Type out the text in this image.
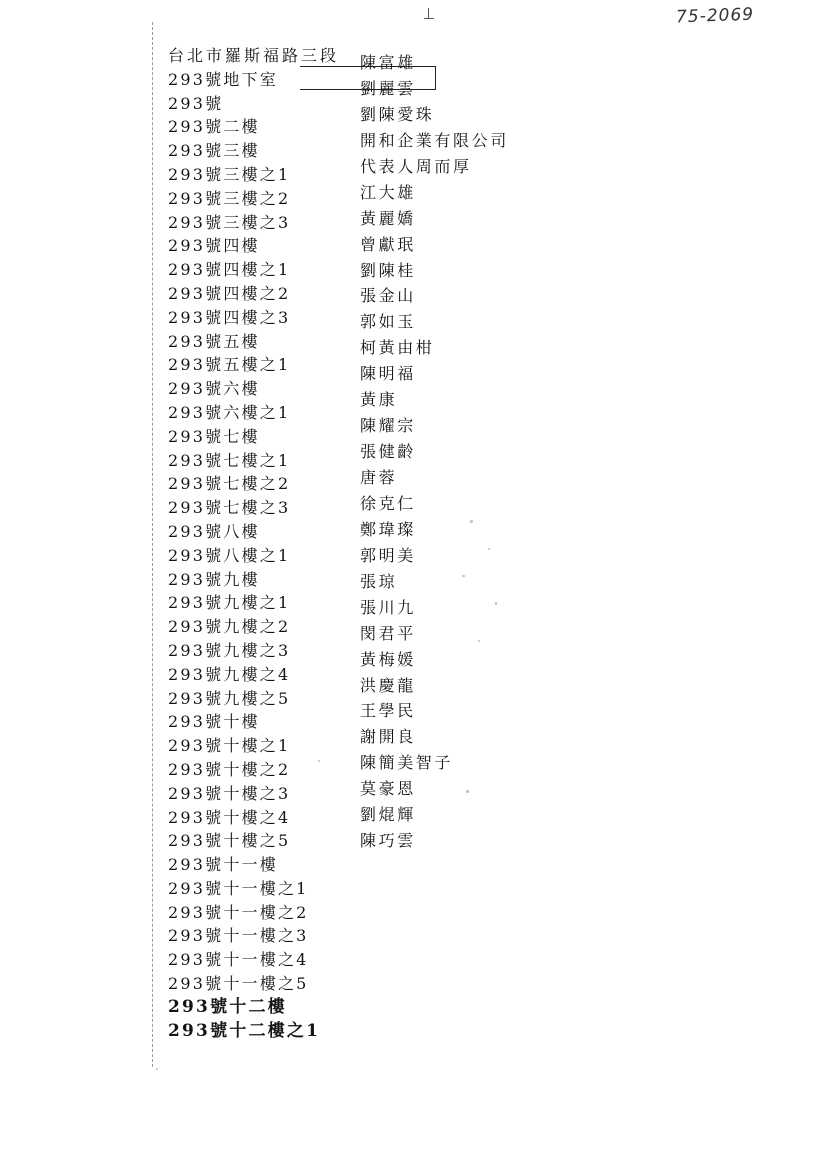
75-2069
台北市羅斯福路三段
293號地下室
293號
293號二樓
293號三樓
293號三樓之1
293號三樓之2
293號三樓之3
293號四樓
293號四樓之1
293號四樓之2
293號四樓之3
293號五樓
293號五樓之1
293號六樓
293號六樓之1
293號七樓
293號七樓之1
293號七樓之2
293號七樓之3
293號八樓
293號八樓之1
293號九樓
293號九樓之1
293號九樓之2
293號九樓之3
293號九樓之4
293號九樓之5
293號十樓
293號十樓之1
293號十樓之2
293號十樓之3
293號十樓之4
293號十樓之5
293號十一樓
293號十一樓之1
293號十一樓之2
293號十一樓之3
293號十一樓之4
293號十一樓之5
293號十二樓
293號十二樓之1
陳富雄
劉麗雲
劉陳愛珠
開和企業有限公司
代表人周而厚
江大雄
黃麗嬌
曾獻珉
劉陳桂
張金山
郭如玉
柯黃由柑
陳明福
黃康
陳耀宗
張健齡
唐蓉
徐克仁
鄭瑋璨
郭明美
張琼
張川九
閔君平
黃梅媛
洪慶龍
王學民
謝開良
陳簡美智子
莫豪恩
劉焜輝
陳巧雲
